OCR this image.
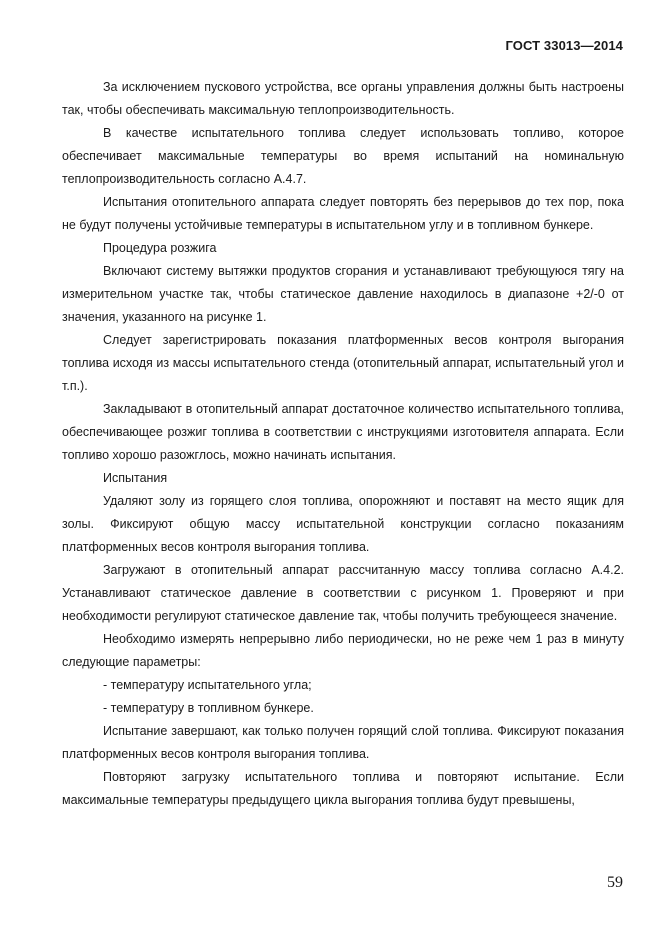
ГОСТ 33013—2014

За исключением пускового устройства, все органы управления должны быть настроены так, чтобы обеспечивать максимальную теплопроизводительность.

В качестве испытательного топлива следует использовать топливо, которое обеспечивает максимальные температуры во время испытаний на номинальную теплопроизводительность согласно А.4.7.

Испытания отопительного аппарата следует повторять без перерывов до тех пор, пока не будут получены устойчивые температуры в испытательном углу и в топливном бункере.

Процедура розжига

Включают систему вытяжки продуктов сгорания и устанавливают требующуюся тягу на измерительном участке так, чтобы статическое давление находилось в диапазоне +2/-0 от значения, указанного на рисунке 1.

Следует зарегистрировать показания платформенных весов контроля выгорания топлива исходя из массы испытательного стенда (отопительный аппарат, испытательный угол и т.п.).

Закладывают в отопительный аппарат достаточное количество испытательного топлива, обеспечивающее розжиг топлива в соответствии с инструкциями изготовителя аппарата. Если топливо хорошо разожглось, можно начинать испытания.

Испытания

Удаляют золу из горящего слоя топлива, опорожняют и поставят на место ящик для золы. Фиксируют общую массу испытательной конструкции согласно показаниям платформенных весов контроля выгорания топлива.

Загружают в отопительный аппарат рассчитанную массу топлива согласно А.4.2. Устанавливают статическое давление в соответствии с рисунком 1. Проверяют и при необходимости регулируют статическое давление так, чтобы получить требующееся значение.

Необходимо измерять непрерывно либо периодически, но не реже чем 1 раз в минуту следующие параметры:

- температуру испытательного угла;

- температуру в топливном бункере.

Испытание завершают, как только получен горящий слой топлива. Фиксируют показания платформенных весов контроля выгорания топлива.

Повторяют загрузку испытательного топлива и повторяют испытание. Если максимальные температуры предыдущего цикла выгорания топлива будут превышены,

59
